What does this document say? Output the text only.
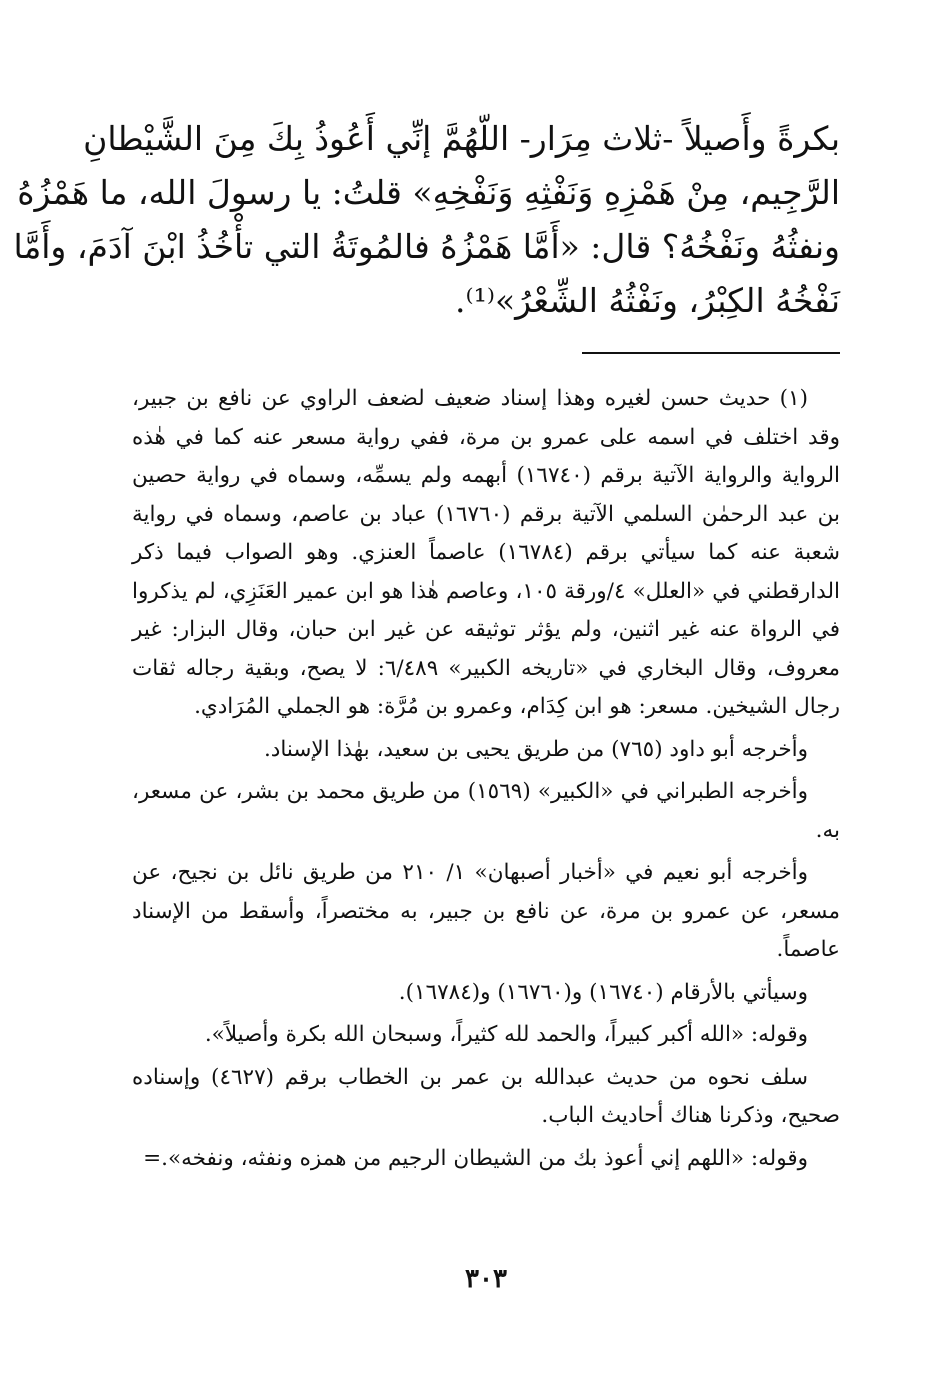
بكرةً وأَصيلاً -ثلاث مِرَار- اللّهُمَّ إنِّي أَعُوذُ بِكَ مِنَ الشَّيْطانِ
الرَّجِيم، مِنْ هَمْزِهِ وَنَفْثِهِ وَنَفْخِهِ» قلتُ: يا رسولَ الله، ما هَمْزُهُ
ونفثُهُ ونَفْخُهُ؟ قال: «أَمَّا هَمْزُهُ فالمُوتَةُ التي تأْخُذُ ابْنَ آدَمَ، وأَمَّا
نَفْخُهُ الكِبْرُ، ونَفْثُهُ الشِّعْرُ»⁽¹⁾.

(١) حديث حسن لغيره وهذا إسناد ضعيف لضعف الراوي عن نافع بن جبير، وقد اختلف في اسمه على عمرو بن مرة، ففي رواية مسعر عنه كما في هٰذه الرواية والرواية الآتية برقم (١٦٧٤٠) أبهمه ولم يسمِّه، وسماه في رواية حصين بن عبد الرحمٰن السلمي الآتية برقم (١٦٧٦٠) عباد بن عاصم، وسماه في رواية شعبة عنه كما سيأتي برقم (١٦٧٨٤) عاصماً العنزي. وهو الصواب فيما ذكر الدارقطني في «العلل» ٤/ورقة ١٠٥، وعاصم هٰذا هو ابن عمير العَنَزِي، لم يذكروا في الرواة عنه غير اثنين، ولم يؤثر توثيقه عن غير ابن حبان، وقال البزار: غير معروف، وقال البخاري في «تاريخه الكبير» ٦/٤٨٩: لا يصح، وبقية رجاله ثقات رجال الشيخين. مسعر: هو ابن كِدَام، وعمرو بن مُرَّة: هو الجملي المُرَادي.

وأخرجه أبو داود (٧٦٥) من طريق يحيى بن سعيد، بهٰذا الإسناد.

وأخرجه الطبراني في «الكبير» (١٥٦٩) من طريق محمد بن بشر، عن مسعر، به.

وأخرجه أبو نعيم في «أخبار أصبهان» ١/ ٢١٠ من طريق نائل بن نجيح، عن مسعر، عن عمرو بن مرة، عن نافع بن جبير، به مختصراً، وأسقط من الإسناد عاصماً.

وسيأتي بالأرقام (١٦٧٤٠) و(١٦٧٦٠) و(١٦٧٨٤).

وقوله: «الله أكبر كبيراً، والحمد لله كثيراً، وسبحان الله بكرة وأصيلاً».

سلف نحوه من حديث عبدالله بن عمر بن الخطاب برقم (٤٦٢٧) وإسناده صحيح، وذكرنا هناك أحاديث الباب.

وقوله: «اللهم إني أعوذ بك من الشيطان الرجيم من همزه ونفثه، ونفخه».=

٣٠٣
